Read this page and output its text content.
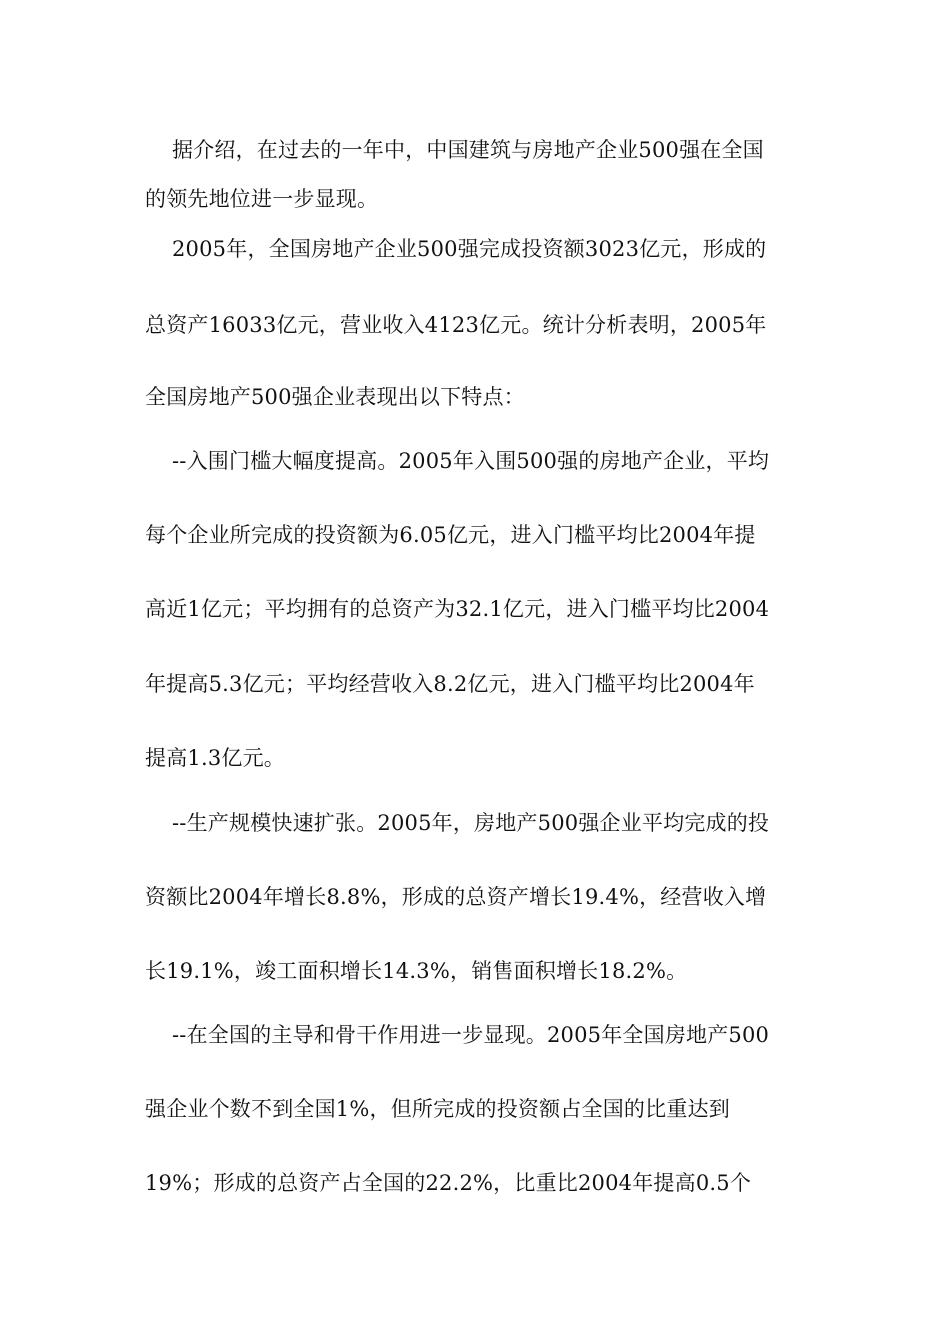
据介绍，在过去的一年中，中国建筑与房地产企业500强在全国
的领先地位进一步显现。
2005年，全国房地产企业500强完成投资额3023亿元，形成的
总资产16033亿元，营业收入4123亿元。统计分析表明，2005年
全国房地产500强企业表现出以下特点：
--入围门槛大幅度提高。2005年入围500强的房地产企业，平均
每个企业所完成的投资额为6.05亿元，进入门槛平均比2004年提
高近1亿元；平均拥有的总资产为32.1亿元，进入门槛平均比2004
年提高5.3亿元；平均经营收入8.2亿元，进入门槛平均比2004年
提高1.3亿元。
--生产规模快速扩张。2005年，房地产500强企业平均完成的投
资额比2004年增长8.8%，形成的总资产增长19.4%，经营收入增
长19.1%，竣工面积增长14.3%，销售面积增长18.2%。
--在全国的主导和骨干作用进一步显现。2005年全国房地产500
强企业个数不到全国1%，但所完成的投资额占全国的比重达到
19%；形成的总资产占全国的22.2%，比重比2004年提高0.5个
